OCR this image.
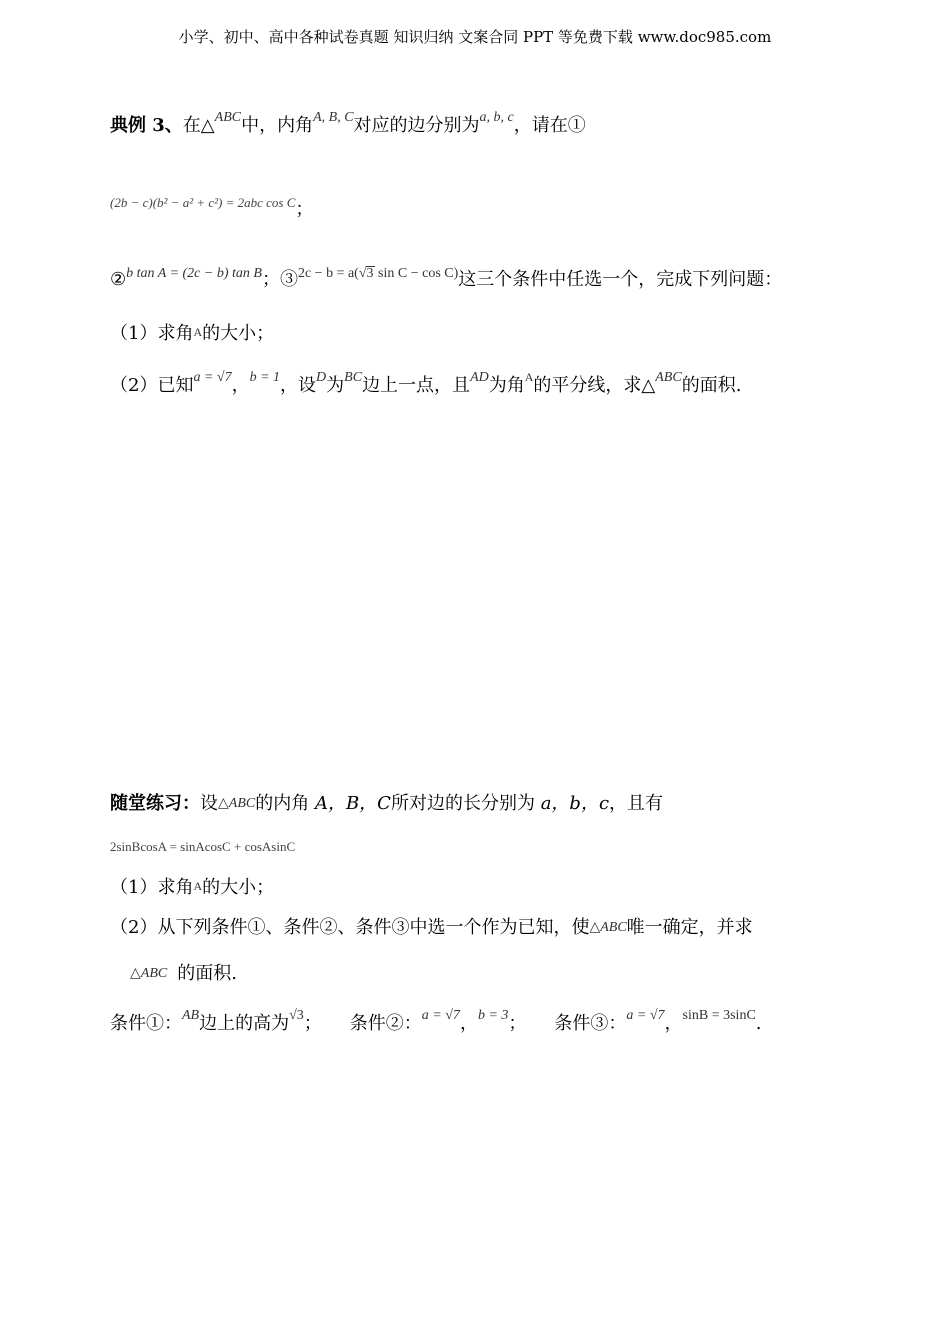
小学、初中、高中各种试卷真题 知识归纳 文案合同 PPT 等免费下载 www.doc985.com
典例 3、在△$^{ABC}$中，内角$^{A, B, C}$对应的边分别为$^{a, b, c}$，请在①
(2b − c)(b² − a² + c²) = 2abc cos C；
②$^{b tan A = (2c - b) tan B}$；③$^{2c - b = a(√3 sin C - cos C)}$这三个条件中任选一个，完成下列问题：
（1）求角A的大小；
（2）已知$^{a = √7}$，$^{b = 1}$，设$^D$为$^{BC}$边上一点，且$^{AD}$为角$^A$的平分线，求△$^{ABC}$的面积.
随堂练习：设△ABC的内角 A，B，C所对边的长分别为 a，b，c，且有
2sinBcosA = sinAcosC + cosAsinC
（1）求角A的大小；
（2）从下列条件①、条件②、条件③中选一个作为已知，使△ABC唯一确定，并求
△ABC 的面积.
条件①：$^{AB}$边上的高为$^{√3}$； 条件②：$^{a = √7}$，$^{b = 3}$； 条件③：$^{a = √7}$，$^{sinB = 3sinC}$.
